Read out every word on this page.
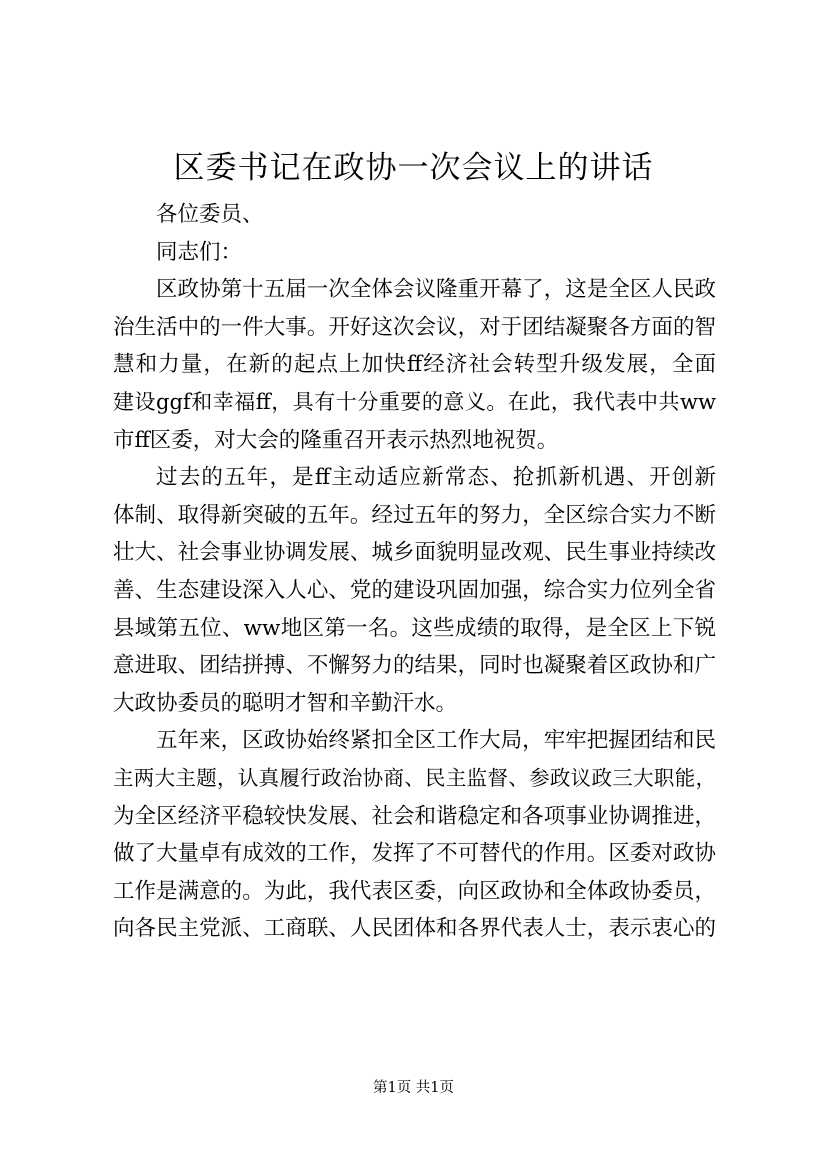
区委书记在政协一次会议上的讲话
各位委员、
同志们：
区政协第十五届一次全体会议隆重开幕了，这是全区人民政
治生活中的一件大事。开好这次会议，对于团结凝聚各方面的智
慧和力量，在新的起点上加快ff经济社会转型升级发展，全面
建设ggf和幸福ff，具有十分重要的意义。在此，我代表中共ww
市ff区委，对大会的隆重召开表示热烈地祝贺。
过去的五年，是ff主动适应新常态、抢抓新机遇、开创新
体制、取得新突破的五年。经过五年的努力，全区综合实力不断
壮大、社会事业协调发展、城乡面貌明显改观、民生事业持续改
善、生态建设深入人心、党的建设巩固加强，综合实力位列全省
县域第五位、ww地区第一名。这些成绩的取得，是全区上下锐
意进取、团结拼搏、不懈努力的结果，同时也凝聚着区政协和广
大政协委员的聪明才智和辛勤汗水。
五年来，区政协始终紧扣全区工作大局，牢牢把握团结和民
主两大主题，认真履行政治协商、民主监督、参政议政三大职能，
为全区经济平稳较快发展、社会和谐稳定和各项事业协调推进，
做了大量卓有成效的工作，发挥了不可替代的作用。区委对政协
工作是满意的。为此，我代表区委，向区政协和全体政协委员，
向各民主党派、工商联、人民团体和各界代表人士，表示衷心的
第1页 共1页
